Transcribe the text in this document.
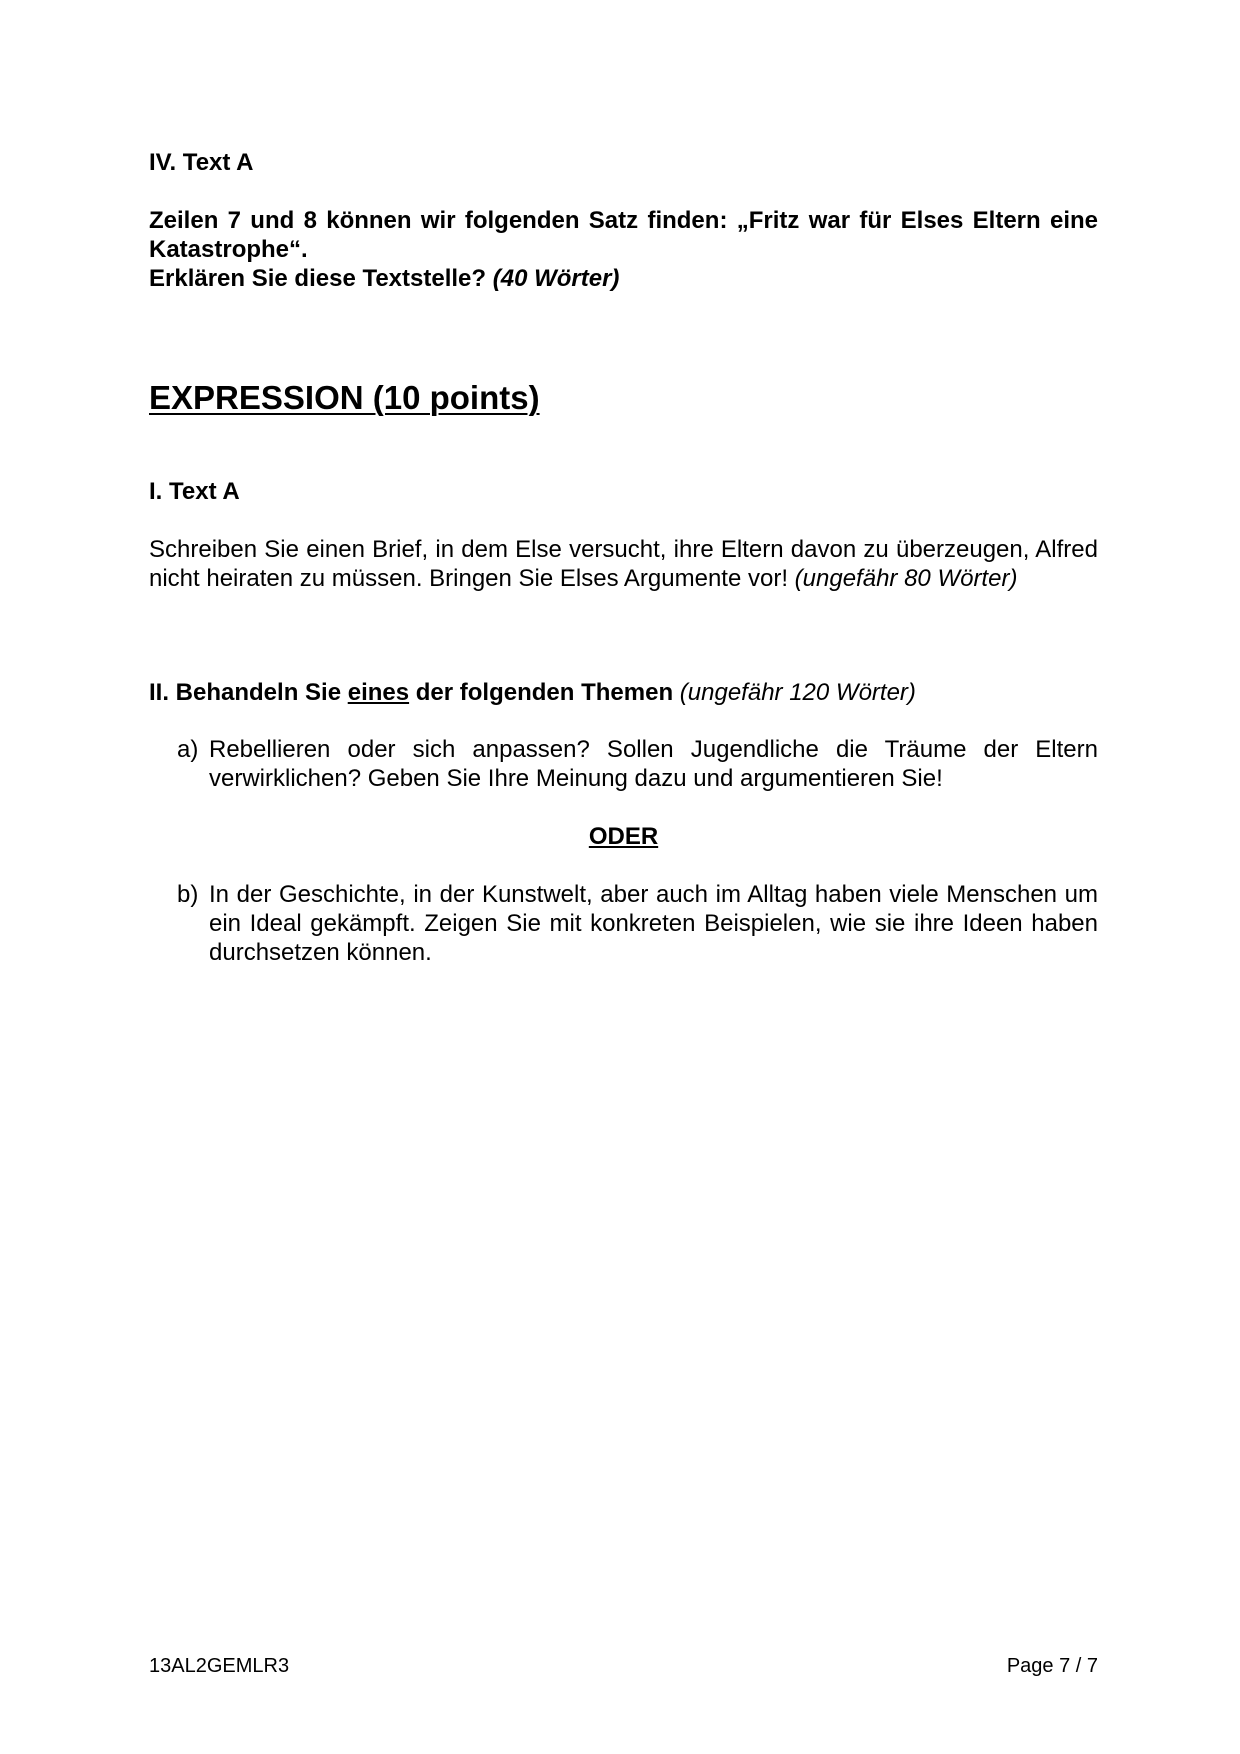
IV. Text A
Zeilen 7 und 8 können wir folgenden Satz finden: „Fritz war für Elses Eltern eine Katastrophe“.
Erklären Sie diese Textstelle? (40 Wörter)
EXPRESSION (10 points)
I. Text A
Schreiben Sie einen Brief, in dem Else versucht, ihre Eltern davon zu überzeugen, Alfred nicht heiraten zu müssen. Bringen Sie Elses Argumente vor! (ungefähr 80 Wörter)
II. Behandeln Sie eines der folgenden Themen (ungefähr 120 Wörter)
a) Rebellieren oder sich anpassen? Sollen Jugendliche die Träume der Eltern verwirklichen? Geben Sie Ihre Meinung dazu und argumentieren Sie!
ODER
b) In der Geschichte, in der Kunstwelt, aber auch im Alltag haben viele Menschen um ein Ideal gekämpft. Zeigen Sie mit konkreten Beispielen, wie sie ihre Ideen haben durchsetzen können.
13AL2GEMLR3	Page 7 / 7
